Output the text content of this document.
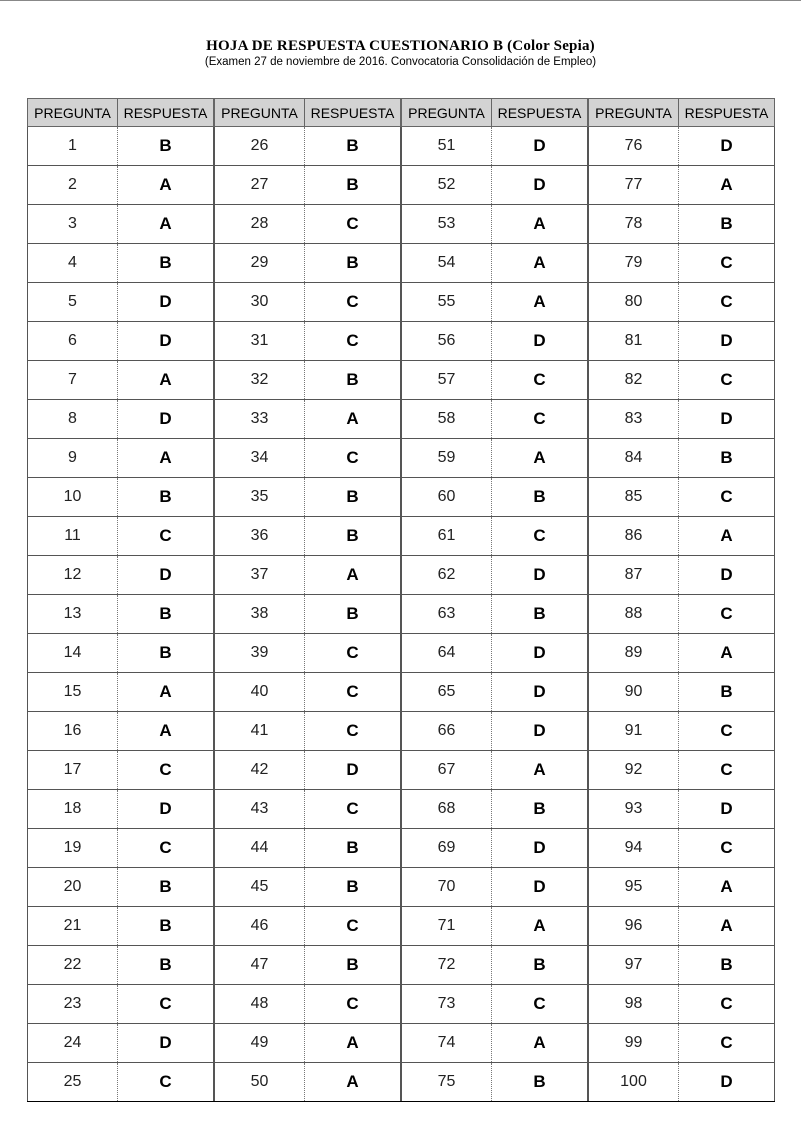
HOJA DE RESPUESTA CUESTIONARIO B (Color Sepia)
(Examen 27 de noviembre de 2016. Convocatoria Consolidación de Empleo)
PREGUNTA	RESPUESTA
1	B
2	A
3	A
4	B
5	D
6	D
7	A
8	D
9	A
10	B
11	C
12	D
13	B
14	B
15	A
16	A
17	C
18	D
19	C
20	B
21	B
22	B
23	C
24	D
25	C
PREGUNTA	RESPUESTA
26	B
27	B
28	C
29	B
30	C
31	C
32	B
33	A
34	C
35	B
36	B
37	A
38	B
39	C
40	C
41	C
42	D
43	C
44	B
45	B
46	C
47	B
48	C
49	A
50	A
PREGUNTA	RESPUESTA
51	D
52	D
53	A
54	A
55	A
56	D
57	C
58	C
59	A
60	B
61	C
62	D
63	B
64	D
65	D
66	D
67	A
68	B
69	D
70	D
71	A
72	B
73	C
74	A
75	B
PREGUNTA	RESPUESTA
76	D
77	A
78	B
79	C
80	C
81	D
82	C
83	D
84	B
85	C
86	A
87	D
88	C
89	A
90	B
91	C
92	C
93	D
94	C
95	A
96	A
97	B
98	C
99	C
100	D
